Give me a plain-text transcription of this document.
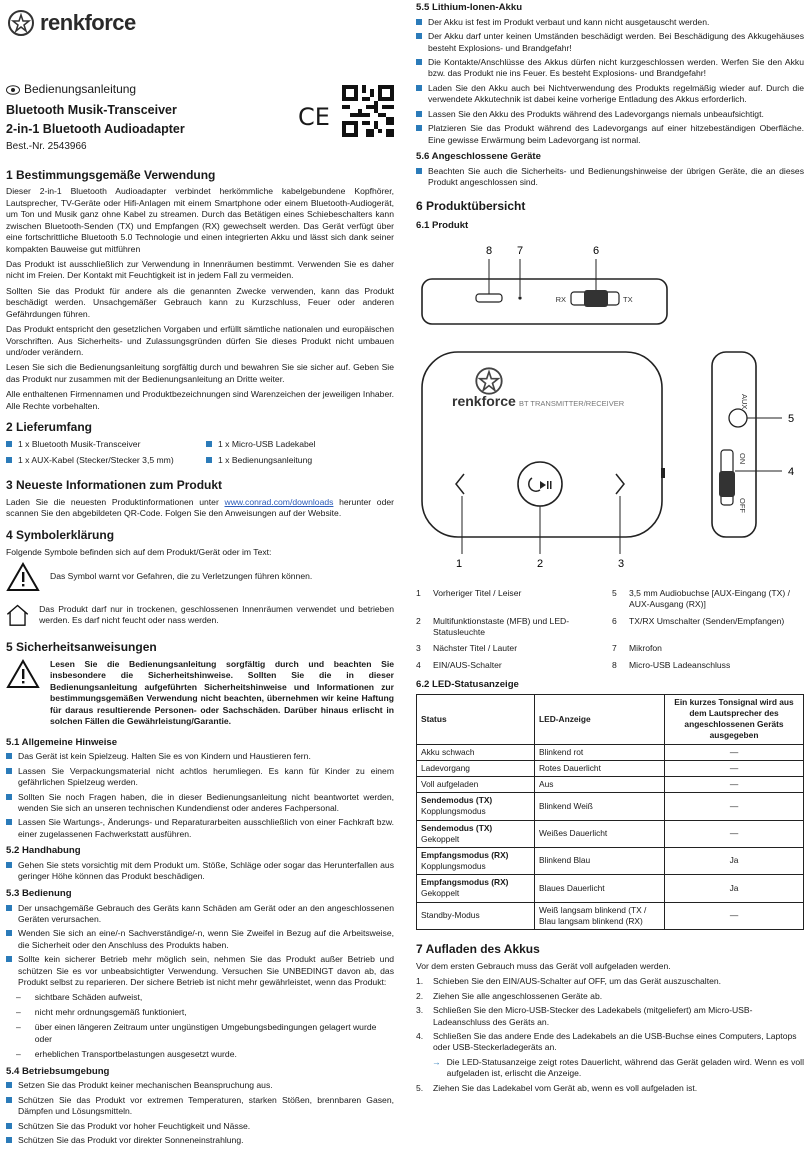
renkforce
Bedienungsanleitung
Bluetooth Musik-Transceiver
2-in-1 Bluetooth Audioadapter
Best.-Nr. 2543966
CE
1 Bestimmungsgemäße Verwendung

Dieser 2-in-1 Bluetooth Audioadapter verbindet herkömmliche kabelgebundene Kopfhörer, Lautsprecher, TV-Geräte oder Hifi-Anlagen mit einem Smartphone oder einem Bluetooth-Audiogerät, um Ton und Musik ganz ohne Kabel zu streamen. Durch das Betätigen eines Schiebeschalters kann zwischen Bluetooth-Senden (TX) und Empfangen (RX) gewechselt werden. Das Gerät verfügt über eine fortschrittliche Bluetooth 5.0 Technologie und einen integrierten Akku und lässt sich dank seiner kompakten Bauweise gut mitführen

Das Produkt ist ausschließlich zur Verwendung in Innenräumen bestimmt. Verwenden Sie es daher nicht im Freien. Der Kontakt mit Feuchtigkeit ist in jedem Fall zu vermeiden.

Sollten Sie das Produkt für andere als die genannten Zwecke verwenden, kann das Produkt beschädigt werden. Unsachgemäßer Gebrauch kann zu Kurzschluss, Feuer oder anderen Gefährdungen führen.

Das Produkt entspricht den gesetzlichen Vorgaben und erfüllt sämtliche nationalen und europäischen Vorschriften. Aus Sicherheits- und Zulassungsgründen dürfen Sie dieses Produkt nicht umbauen und/oder verändern.

Lesen Sie sich die Bedienungsanleitung sorgfältig durch und bewahren Sie sie sicher auf. Geben Sie das Produkt nur zusammen mit der Bedienungsanleitung an Dritte weiter.

Alle enthaltenen Firmennamen und Produktbezeichnungen sind Warenzeichen der jeweiligen Inhaber. Alle Rechte vorbehalten.

2 Lieferumfang
1 x Bluetooth Musik-Transceiver	1 x Micro-USB Ladekabel
1 x AUX-Kabel (Stecker/Stecker 3,5 mm)	1 x Bedienungsanleitung
3 Neueste Informationen zum Produkt

Laden Sie die neuesten Produktinformationen unter www.conrad.com/downloads herunter oder scannen Sie den abgebildeten QR-Code. Folgen Sie den Anweisungen auf der Website.

4 Symbolerklärung

Folgende Symbole befinden sich auf dem Produkt/Gerät oder im Text:

Das Symbol warnt vor Gefahren, die zu Verletzungen führen können.
Das Produkt darf nur in trockenen, geschlossenen Innenräumen verwendet und betrieben werden. Es darf nicht feucht oder nass werden.
5 Sicherheitsanweisungen

Lesen Sie die Bedienungsanleitung sorgfältig durch und beachten Sie insbesondere die Sicherheitshinweise. Sollten Sie die in dieser Bedienungsanleitung aufgeführten Sicherheitshinweise und Informationen zur bestimmungsgemäßen Verwendung nicht beachten, übernehmen wir keine Haftung für daraus resultierende Personen- oder Sachschäden. Darüber hinaus erlischt in solchen Fällen die Gewährleistung/Garantie.

5.1 Allgemeine Hinweise
Das Gerät ist kein Spielzeug. Halten Sie es von Kindern und Haustieren fern.
Lassen Sie Verpackungsmaterial nicht achtlos herumliegen. Es kann für Kinder zu einem gefährlichen Spielzeug werden.
Sollten Sie noch Fragen haben, die in dieser Bedienungsanleitung nicht beantwortet werden, wenden Sie sich an unseren technischen Kundendienst oder anderes Fachpersonal.
Lassen Sie Wartungs-, Änderungs- und Reparaturarbeiten ausschließlich von einer Fachkraft bzw. einer zugelassenen Fachwerkstatt ausführen.
5.2 Handhabung
Gehen Sie stets vorsichtig mit dem Produkt um. Stöße, Schläge oder sogar das Herunterfallen aus geringer Höhe können das Produkt beschädigen.
5.3 Bedienung
Der unsachgemäße Gebrauch des Geräts kann Schäden am Gerät oder an den angeschlossenen Geräten verursachen.
Wenden Sie sich an eine/-n Sachverständige/-n, wenn Sie Zweifel in Bezug auf die Arbeitsweise, die Sicherheit oder den Anschluss des Produkts haben.
Sollte kein sicherer Betrieb mehr möglich sein, nehmen Sie das Produkt außer Betrieb und schützen Sie es vor unbeabsichtigter Verwendung. Versuchen Sie UNBEDINGT davon ab, das Produkt selbst zu reparieren. Der sichere Betrieb ist nicht mehr gewährleistet, wenn das Produkt:
– sichtbare Schäden aufweist,
– nicht mehr ordnungsgemäß funktioniert,
– über einen längeren Zeitraum unter ungünstigen Umgebungsbedingungen gelagert wurde oder
– erheblichen Transportbelastungen ausgesetzt wurde.
5.4 Betriebsumgebung
Setzen Sie das Produkt keiner mechanischen Beanspruchung aus.
Schützen Sie das Produkt vor extremen Temperaturen, starken Stößen, brennbaren Gasen, Dämpfen und Lösungsmitteln.
Schützen Sie das Produkt vor hoher Feuchtigkeit und Nässe.
Schützen Sie das Produkt vor direkter Sonneneinstrahlung.
5.5 Lithium-Ionen-Akku
Der Akku ist fest im Produkt verbaut und kann nicht ausgetauscht werden.
Der Akku darf unter keinen Umständen beschädigt werden. Bei Beschädigung des Akkugehäuses besteht Explosions- und Brandgefahr!
Die Kontakte/Anschlüsse des Akkus dürfen nicht kurzgeschlossen werden. Werfen Sie den Akku bzw. das Produkt nie ins Feuer. Es besteht Explosions- und Brandgefahr!
Laden Sie den Akku auch bei Nichtverwendung des Produkts regelmäßig wieder auf. Durch die verwendete Akkutechnik ist dabei keine vorherige Entladung des Akkus erforderlich.
Lassen Sie den Akku des Produkts während des Ladevorgangs niemals unbeaufsichtigt.
Platzieren Sie das Produkt während des Ladevorgangs auf einer hitzebeständigen Oberfläche. Eine gewisse Erwärmung beim Ladevorgang ist normal.
5.6 Angeschlossene Geräte
Beachten Sie auch die Sicherheits- und Bedienungshinweise der übrigen Geräte, die an dieses Produkt angeschlossen sind.
6 Produktübersicht
6.1 Produkt
RX	TX
8 7	6
renkforce BT TRANSMITTER/RECEIVER
1	2	3
AUX
ON
OFF
5
4
1	Vorheriger Titel / Leiser	5	3,5 mm Audiobuchse [AUX-Eingang (TX) / AUX-Ausgang (RX)]
2	Multifunktionstaste (MFB) und LED-Statusleuchte
6	TX/RX Umschalter (Senden/Empfangen)
3	Nächster Titel / Lauter	7	Mikrofon
4	EIN/AUS-Schalter	8	Micro-USB Ladeanschluss
6.2 LED-Statusanzeige
Status	LED-Anzeige	Ein kurzes Tonsignal wird aus dem Lautsprecher des angeschlossenen Geräts ausgegeben

Akku schwach	Blinkend rot	—

Ladevorgang	Rotes Dauerlicht	—

Voll aufgeladen	Aus	—

Sendemodus (TX)
Kopplungsmodus	Blinkend Weiß	—

Sendemodus (TX)
Gekoppelt	Weißes Dauerlicht	—

Empfangsmodus (RX)
Kopplungsmodus	Blinkend Blau	Ja

Empfangsmodus (RX)
Gekoppelt	Blaues Dauerlicht	Ja

Standby-Modus	Weiß langsam blinkend (TX / Blau langsam blinkend (RX)	—
7 Aufladen des Akkus

Vor dem ersten Gebrauch muss das Gerät voll aufgeladen werden.

1. Schieben Sie den EIN/AUS-Schalter auf OFF, um das Gerät auszuschalten.
2. Ziehen Sie alle angeschlossenen Geräte ab.
3. Schließen Sie den Micro-USB-Stecker des Ladekabels (mitgeliefert) am Micro-USB-Ladeanschluss des Geräts an.
4. Schließen Sie das andere Ende des Ladekabels an die USB-Buchse eines Computers, Laptops oder USB-Steckerladegeräts an.
→ Die LED-Statusanzeige zeigt rotes Dauerlicht, während das Gerät geladen wird. Wenn es voll aufgeladen ist, erlischt die Anzeige.
5. Ziehen Sie das Ladekabel vom Gerät ab, wenn es voll aufgeladen ist.
